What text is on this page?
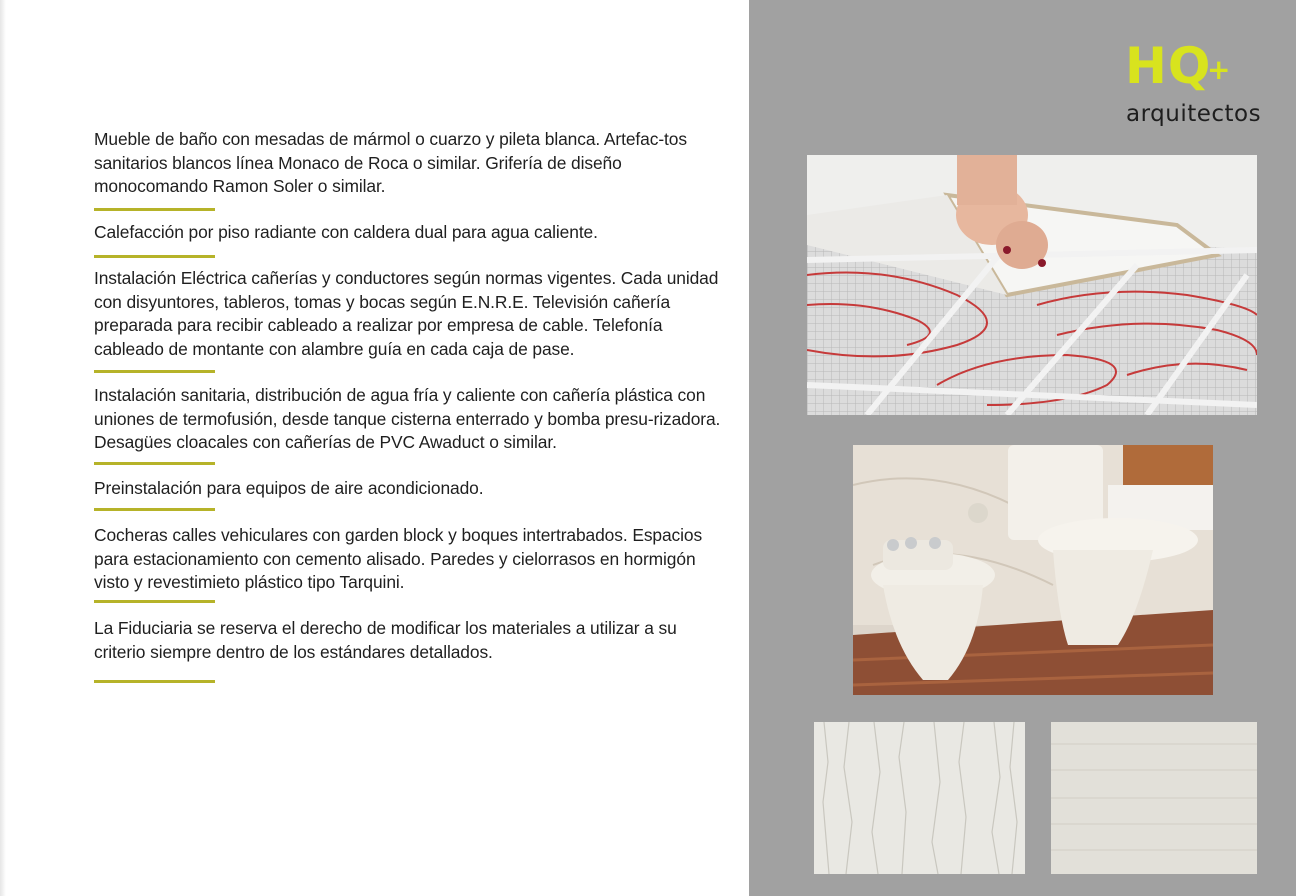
Mueble de baño con mesadas de mármol o cuarzo y pileta blanca. Artefac-tos sanitarios blancos línea Monaco de Roca o similar. Grifería de diseño monocomando Ramon Soler o similar.

Calefacción por piso radiante con caldera dual para agua caliente.

Instalación Eléctrica cañerías y conductores según normas vigentes. Cada unidad con disyuntores, tableros, tomas y bocas según E.N.R.E. Televisión cañería preparada para recibir cableado a realizar por empresa de cable. Telefonía cableado de montante con alambre guía en cada caja de pase.

Instalación sanitaria, distribución de agua fría y caliente con cañería plástica con uniones de termofusión, desde tanque cisterna enterrado y bomba presu-rizadora. Desagües cloacales con cañerías de PVC Awaduct o similar.

Preinstalación para equipos de aire acondicionado.

Cocheras calles vehiculares con garden block y boques intertrabados. Espacios para estacionamiento con cemento alisado. Paredes y cielorrasos en hormigón visto y revestimieto plástico tipo Tarquini.

La Fiduciaria se reserva el derecho de modificar los materiales a utilizar a su criterio siempre dentro de los estándares detallados.

HQ
+
arquitectos
